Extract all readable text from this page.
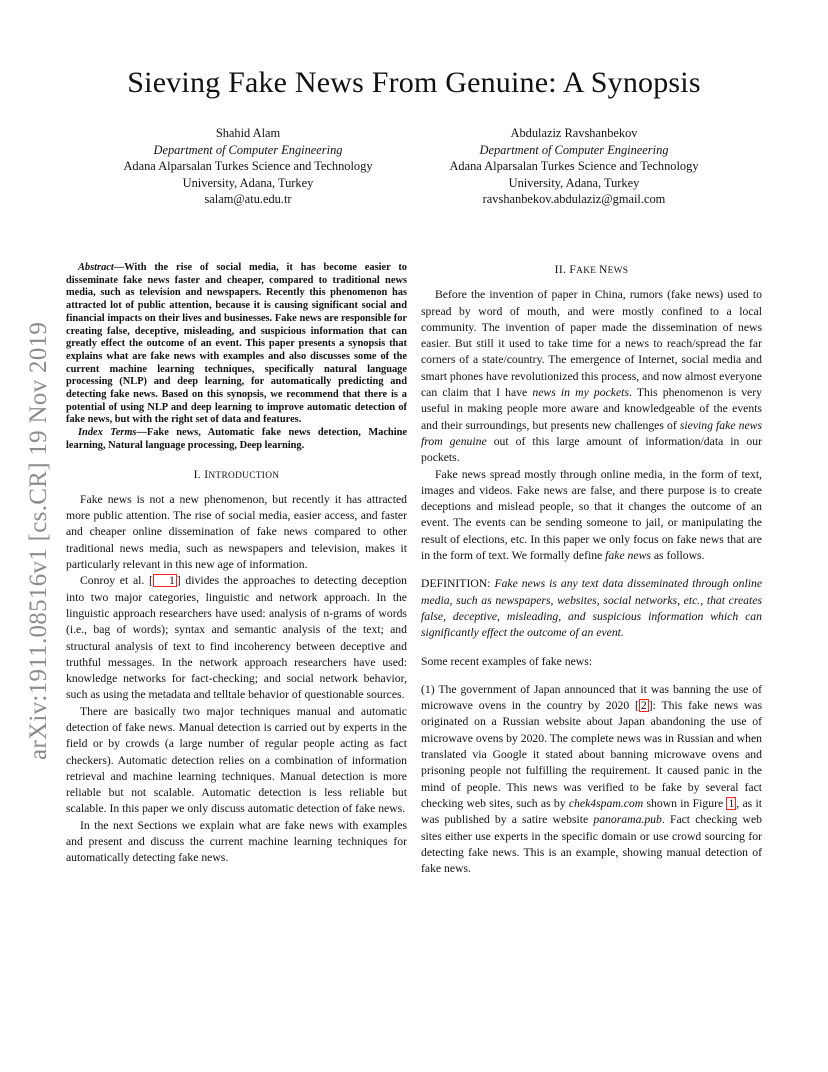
Sieving Fake News From Genuine: A Synopsis
Shahid Alam
Department of Computer Engineering
Adana Alparsalan Turkes Science and Technology
University, Adana, Turkey
salam@atu.edu.tr
Abdulaziz Ravshanbekov
Department of Computer Engineering
Adana Alparsalan Turkes Science and Technology
University, Adana, Turkey
ravshanbekov.abdulaziz@gmail.com
arXiv:1911.08516v1 [cs.CR] 19 Nov 2019

Abstract—With the rise of social media, it has become easier to disseminate fake news faster and cheaper, compared to traditional news media, such as television and newspapers. Recently this phenomenon has attracted lot of public attention, because it is causing significant social and financial impacts on their lives and businesses. Fake news are responsible for creating false, deceptive, misleading, and suspicious information that can greatly effect the outcome of an event. This paper presents a synopsis that explains what are fake news with examples and also discusses some of the current machine learning techniques, specifically natural language processing (NLP) and deep learning, for automatically predicting and detecting fake news. Based on this synopsis, we recommend that there is a potential of using NLP and deep learning to improve automatic detection of fake news, but with the right set of data and features.

Index Terms—Fake news, Automatic fake news detection, Machine learning, Natural language processing, Deep learning.

I. INTRODUCTION

Fake news is not a new phenomenon, but recently it has attracted more public attention. The rise of social media, easier access, and faster and cheaper online dissemination of fake news compared to other traditional news media, such as newspapers and television, makes it particularly relevant in this new age of information.

Conroy et al. [ 1 ] divides the approaches to detecting deception into two major categories, linguistic and network approach. In the linguistic approach researchers have used: analysis of n-grams of words (i.e., bag of words); syntax and semantic analysis of the text; and structural analysis of text to find incoherency between deceptive and truthful messages. In the network approach researchers have used: knowledge networks for fact-checking; and social network behavior, such as using the metadata and telltale behavior of questionable sources.

There are basically two major techniques manual and automatic detection of fake news. Manual detection is carried out by experts in the field or by crowds (a large number of regular people acting as fact checkers). Automatic detection relies on a combination of information retrieval and machine learning techniques. Manual detection is more reliable but not scalable. Automatic detection is less reliable but scalable. In this paper we only discuss automatic detection of fake news.

In the next Sections we explain what are fake news with examples and present and discuss the current machine learning techniques for automatically detecting fake news.

II. FAKE NEWS

Before the invention of paper in China, rumors (fake news) used to spread by word of mouth, and were mostly confined to a local community. The invention of paper made the dissemination of news easier. But still it used to take time for a news to reach/spread the far corners of a state/country. The emergence of Internet, social media and smart phones have revolutionized this process, and now almost everyone can claim that I have news in my pockets. This phenomenon is very useful in making people more aware and knowledgeable of the events and their surroundings, but presents new challenges of sieving fake news from genuine out of this large amount of information/data in our pockets.

Fake news spread mostly through online media, in the form of text, images and videos. Fake news are false, and there purpose is to create deceptions and mislead people, so that it changes the outcome of an event. The events can be sending someone to jail, or manipulating the result of elections, etc. In this paper we only focus on fake news that are in the form of text. We formally define fake news as follows.

DEFINITION: Fake news is any text data disseminated through online media, such as newspapers, websites, social networks, etc., that creates false, deceptive, misleading, and suspicious information which can significantly effect the outcome of an event.

Some recent examples of fake news:

(1) The government of Japan announced that it was banning the use of microwave ovens in the country by 2020 [ 2 ]: This fake news was originated on a Russian website about Japan abandoning the use of microwave ovens by 2020. The complete news was in Russian and when translated via Google it stated about banning microwave ovens and prisoning people not fulfilling the requirement. It caused panic in the mind of people. This news was verified to be fake by several fact checking web sites, such as by chek4spam.com shown in Figure 1 , as it was published by a satire website panorama.pub. Fact checking web sites either use experts in the specific domain or use crowd sourcing for detecting fake news. This is an example, showing manual detection of fake news.
